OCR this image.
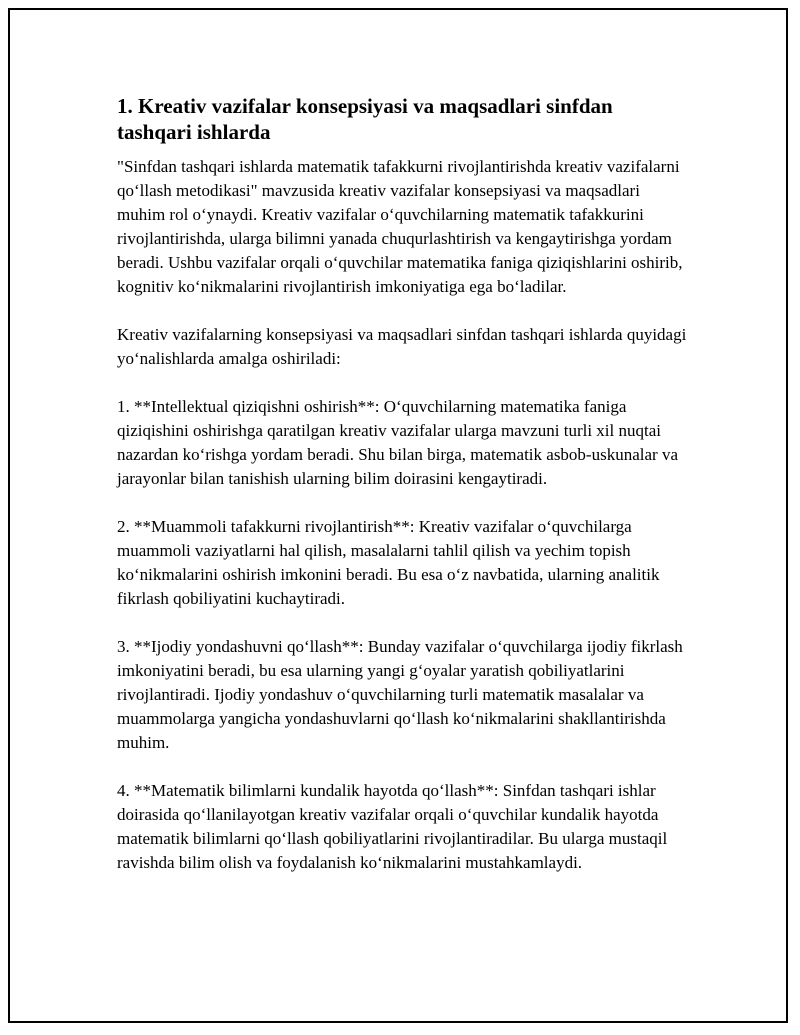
1. Kreativ vazifalar konsepsiyasi va maqsadlari sinfdan tashqari ishlarda

"Sinfdan tashqari ishlarda matematik tafakkurni rivojlantirishda kreativ vazifalarni qo‘llash metodikasi" mavzusida kreativ vazifalar konsepsiyasi va maqsadlari muhim rol o‘ynaydi. Kreativ vazifalar o‘quvchilarning matematik tafakkurini rivojlantirishda, ularga bilimni yanada chuqurlashtirish va kengaytirishga yordam beradi. Ushbu vazifalar orqali o‘quvchilar matematika faniga qiziqishlarini oshirib, kognitiv ko‘nikmalarini rivojlantirish imkoniyatiga ega bo‘ladilar.

Kreativ vazifalarning konsepsiyasi va maqsadlari sinfdan tashqari ishlarda quyidagi yo‘nalishlarda amalga oshiriladi:

1. **Intellektual qiziqishni oshirish**: O‘quvchilarning matematika faniga qiziqishini oshirishga qaratilgan kreativ vazifalar ularga mavzuni turli xil nuqtai nazardan ko‘rishga yordam beradi. Shu bilan birga, matematik asbob-uskunalar va jarayonlar bilan tanishish ularning bilim doirasini kengaytiradi.

2. **Muammoli tafakkurni rivojlantirish**: Kreativ vazifalar o‘quvchilarga muammoli vaziyatlarni hal qilish, masalalarni tahlil qilish va yechim topish ko‘nikmalarini oshirish imkonini beradi. Bu esa o‘z navbatida, ularning analitik fikrlash qobiliyatini kuchaytiradi.

3. **Ijodiy yondashuvni qo‘llash**: Bunday vazifalar o‘quvchilarga ijodiy fikrlash imkoniyatini beradi, bu esa ularning yangi g‘oyalar yaratish qobiliyatlarini rivojlantiradi. Ijodiy yondashuv o‘quvchilarning turli matematik masalalar va muammolarga yangicha yondashuvlarni qo‘llash ko‘nikmalarini shakllantirishda muhim.

4. **Matematik bilimlarni kundalik hayotda qo‘llash**: Sinfdan tashqari ishlar doirasida qo‘llanilayotgan kreativ vazifalar orqali o‘quvchilar kundalik hayotda matematik bilimlarni qo‘llash qobiliyatlarini rivojlantiradilar. Bu ularga mustaqil ravishda bilim olish va foydalanish ko‘nikmalarini mustahkamlaydi.
